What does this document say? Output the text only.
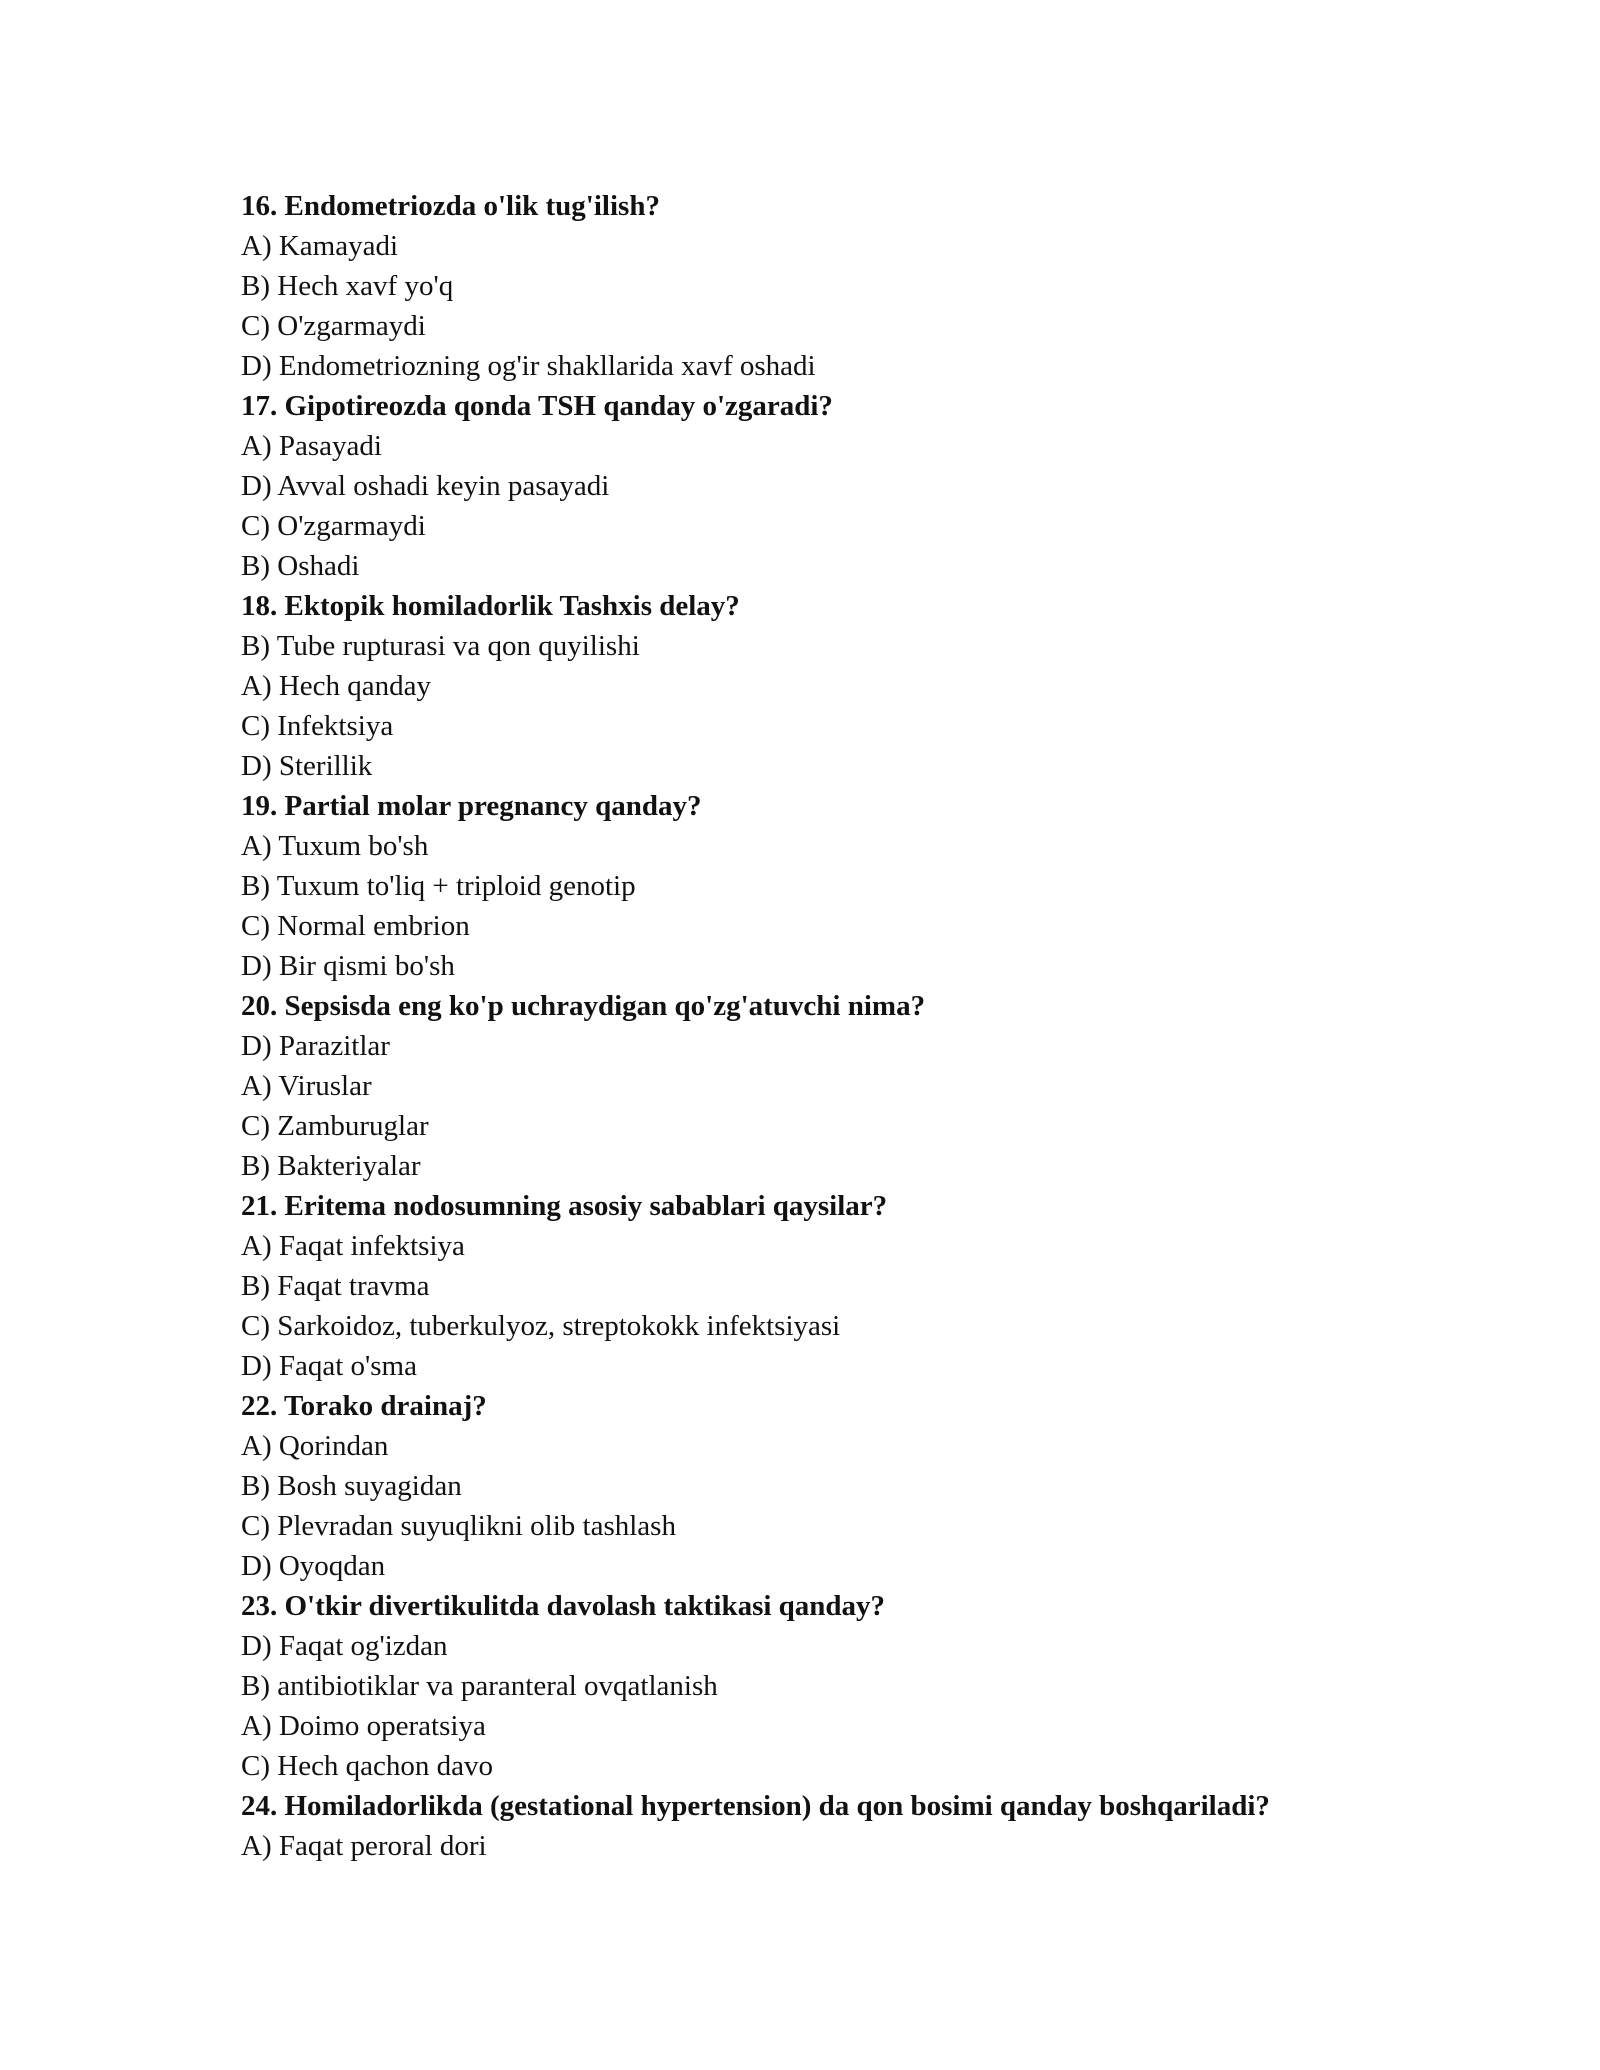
16. Endometriozda o'lik tug'ilish?
A) Kamayadi
B) Hech xavf yo'q
C) O'zgarmaydi
D) Endometriozning og'ir shakllarida xavf oshadi
17. Gipotireozda qonda TSH qanday o'zgaradi?
A) Pasayadi
D) Avval oshadi keyin pasayadi
C) O'zgarmaydi
B) Oshadi
18. Ektopik homiladorlik Tashxis delay?
B) Tube rupturasi va qon quyilishi
A) Hech qanday
C) Infektsiya
D) Sterillik
19. Partial molar pregnancy qanday?
A) Tuxum bo'sh
B) Tuxum to'liq + triploid genotip
C) Normal embrion
D) Bir qismi bo'sh
20. Sepsisda eng ko'p uchraydigan qo'zg'atuvchi nima?
D) Parazitlar
A) Viruslar
C) Zamburuglar
B) Bakteriyalar
21. Eritema nodosumning asosiy sabablari qaysilar?
A) Faqat infektsiya
B) Faqat travma
C) Sarkoidoz, tuberkulyoz, streptokokk infektsiyasi
D) Faqat o'sma
22. Torako drainaj?
A) Qorindan
B) Bosh suyagidan
C) Plevradan suyuqlikni olib tashlash
D) Oyoqdan
23. O'tkir divertikulitda davolash taktikasi qanday?
D) Faqat og'izdan
B) antibiotiklar va paranteral ovqatlanish
A) Doimo operatsiya
C) Hech qachon davo
24. Homiladorlikda (gestational hypertension) da qon bosimi qanday boshqariladi?
A) Faqat peroral dori
